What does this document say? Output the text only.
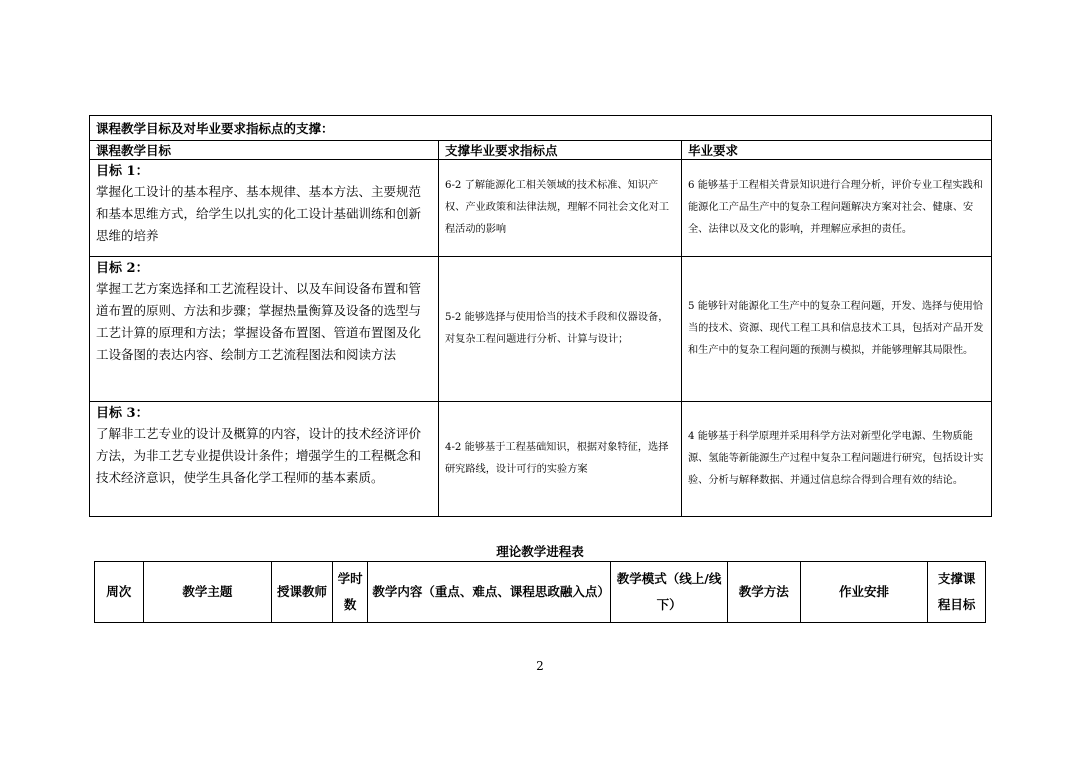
课程教学目标及对毕业要求指标点的支撑：		
课程教学目标	支撑毕业要求指标点	毕业要求

目标 1：
掌握化工设计的基本程序、基本规律、基本方法、主要规范和基本思维方式，给学生以扎实的化工设计基础训练和创新思维的培养	6-2 了解能源化工相关领域的技术标准、知识产权、产业政策和法律法规，理解不同社会文化对工程活动的影响	6 能够基于工程相关背景知识进行合理分析，评价专业工程实践和能源化工产品生产中的复杂工程问题解决方案对社会、健康、安全、法律以及文化的影响，并理解应承担的责任。

目标 2：
掌握工艺方案选择和工艺流程设计、以及车间设备布置和管道布置的原则、方法和步骤；掌握热量衡算及设备的选型与工艺计算的原理和方法；掌握设备布置图、管道布置图及化工设备图的表达内容、绘制方工艺流程图法和阅读方法	5-2 能够选择与使用恰当的技术手段和仪器设备，对复杂工程问题进行分析、计算与设计；	5 能够针对能源化工生产中的复杂工程问题，开发、选择与使用恰当的技术、资源、现代工程工具和信息技术工具，包括对产品开发和生产中的复杂工程问题的预测与模拟，并能够理解其局限性。

目标 3：
了解非工艺专业的设计及概算的内容，设计的技术经济评价方法，为非工艺专业提供设计条件；增强学生的工程概念和技术经济意识，使学生具备化学工程师的基本素质。	4-2 能够基于工程基础知识，根据对象特征，选择研究路线，设计可行的实验方案	4 能够基于科学原理并采用科学方法对新型化学电源、生物质能源、氢能等新能源生产过程中复杂工程问题进行研究，包括设计实验、分析与解释数据、并通过信息综合得到合理有效的结论。
理论教学进程表
周次	教学主题	授课教师	学时数	教学内容（重点、难点、课程思政融入点）	教学模式（线上/线下）	教学方法	作业安排	支撑课程目标
2
